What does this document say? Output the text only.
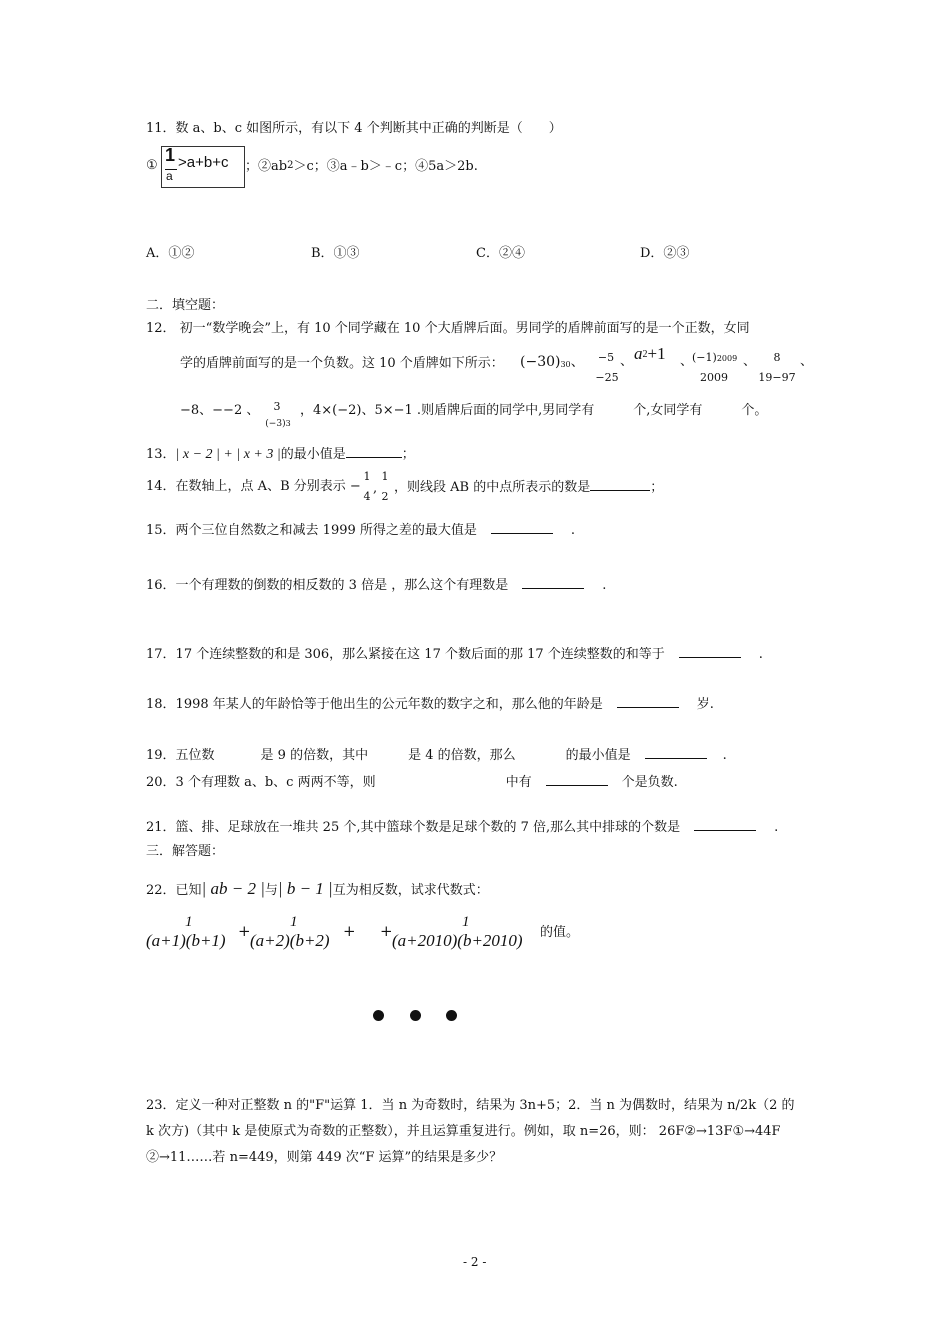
11．数 a、b、c 如图所示，有以下 4 个判断其中正确的判断是（　　）
①
1
a
>a+b+c ；②ab2＞c；③a﹣b＞﹣c；④5a＞2b.
A．①②	B．①③	C．②④	D．②③
二．填空题：
12． 初一“数学晚会”上，有 10 个同学藏在 10 个大盾牌后面。男同学的盾牌前面写的是一个正数，女同
学的盾牌前面写的是一个负数。这 10 个盾牌如下所示： (−30)30、	−5
−25
、 a2+1 、
(−1)2009
2009
、	8
19−97
、
−8、−−2 、	3
(−3)3
，4×(−2)、5×−1 .则盾牌后面的同学中,男同学有　　　个,女同学有　　　个。
13．| x − 2 | + | x + 3 |的最小值是	；
14．在数轴上，点 A、B 分别表示 −
1
4
,
1
2
，则线段 AB 的中点所表示的数是	；
15．两个三位自然数之和减去 1999 所得之差的最大值是	.
16．一个有理数的倒数的相反数的 3 倍是 ，那么这个有理数是	.
17．17 个连续整数的和是 306，那么紧接在这 17 个数后面的那 17 个连续整数的和等于	.
18．1998 年某人的年龄恰等于他出生的公元年数的数字之和，那么他的年龄是	岁.
19．五位数	是 9 的倍数，其中	是 4 的倍数，那么	的最小值是	.
20．3 个有理数 a、b、c 两两不等，则	中有	个是负数.
21．篮、排、足球放在一堆共 25 个,其中篮球个数是足球个数的 7 倍,那么其中排球的个数是	.
三．解答题：
22．已知| ab − 2 |与| b − 1 |互为相反数，试求代数式：
1	1	1
(a+1)(b+1) + (a+2)(b+2) + + (a+2010)(b+2010) 的值。
23．定义一种对正整数 n 的"F"运算 1．当 n 为奇数时，结果为 3n+5；2．当 n 为偶数时，结果为 n/2k（2 的
k 次方)（其中 k 是使原式为奇数的正整数），并且运算重复进行。例如，取 n=26，则： 26F②→13F①→44F
②→11……若 n=449，则第 449 次“F 运算”的结果是多少？
- 2 -
